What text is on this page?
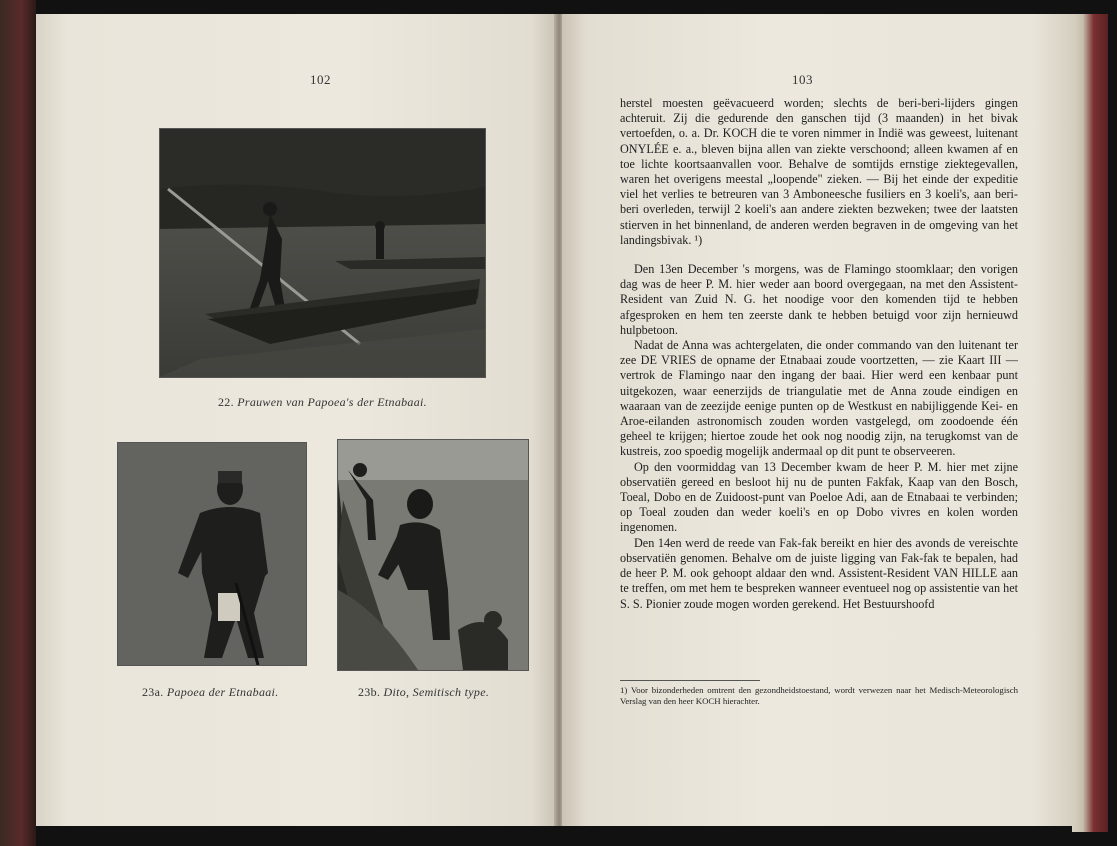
102
22. Prauwen van Papoea's der Etnabaai.
23a. Papoea der Etnabaai.	23b. Dito, Semitisch type.
103

herstel moesten geëvacueerd worden; slechts de beri-beri-lijders gingen achteruit. Zij die gedurende den ganschen tijd (3 maanden) in het bivak vertoefden, o. a. Dr. KOCH die te voren nimmer in Indië was geweest, luitenant ONYLÉE e. a., bleven bijna allen van ziekte verschoond; alleen kwamen af en toe lichte koortsaanvallen voor. Behalve de somtijds ernstige ziektegevallen, waren het overigens meestal „loopende" zieken. — Bij het einde der expeditie viel het verlies te betreuren van 3 Amboneesche fusiliers en 3 koeli's, aan beri-beri overleden, terwijl 2 koeli's aan andere ziekten bezweken; twee der laatsten stierven in het binnenland, de anderen werden begraven in de omgeving van het landingsbivak. ¹)

Den 13en December 's morgens, was de Flamingo stoomklaar; den vorigen dag was de heer P. M. hier weder aan boord overgegaan, na met den Assistent-Resident van Zuid N. G. het noodige voor den komenden tijd te hebben afgesproken en hem ten zeerste dank te hebben betuigd voor zijn hernieuwd hulpbetoon.

Nadat de Anna was achtergelaten, die onder commando van den luitenant ter zee DE VRIES de opname der Etnabaai zoude voortzetten, — zie Kaart III — vertrok de Flamingo naar den ingang der baai. Hier werd een kenbaar punt uitgekozen, waar eenerzijds de triangulatie met de Anna zoude eindigen en waaraan van de zeezijde eenige punten op de Westkust en nabijliggende Kei- en Aroe-eilanden astronomisch zouden worden vastgelegd, om zoodoende één geheel te krijgen; hiertoe zoude het ook nog noodig zijn, na terugkomst van de kustreis, zoo spoedig mogelijk andermaal op dit punt te observeeren.

Op den voormiddag van 13 December kwam de heer P. M. hier met zijne observatiën gereed en besloot hij nu de punten Fakfak, Kaap van den Bosch, Toeal, Dobo en de Zuidoost-punt van Poeloe Adi, aan de Etnabaai te verbinden; op Toeal zouden dan weder koeli's en op Dobo vivres en kolen worden ingenomen.

Den 14en werd de reede van Fak-fak bereikt en hier des avonds de vereischte observatiën genomen. Behalve om de juiste ligging van Fak-fak te bepalen, had de heer P. M. ook gehoopt aldaar den wnd. Assistent-Resident VAN HILLE aan te treffen, om met hem te bespreken wanneer eventueel nog op assistentie van het S. S. Pionier zoude mogen worden gerekend. Het Bestuurshoofd

1) Voor bizonderheden omtrent den gezondheidstoestand, wordt verwezen naar het Medisch-Meteorologisch Verslag van den heer KOCH hierachter.
